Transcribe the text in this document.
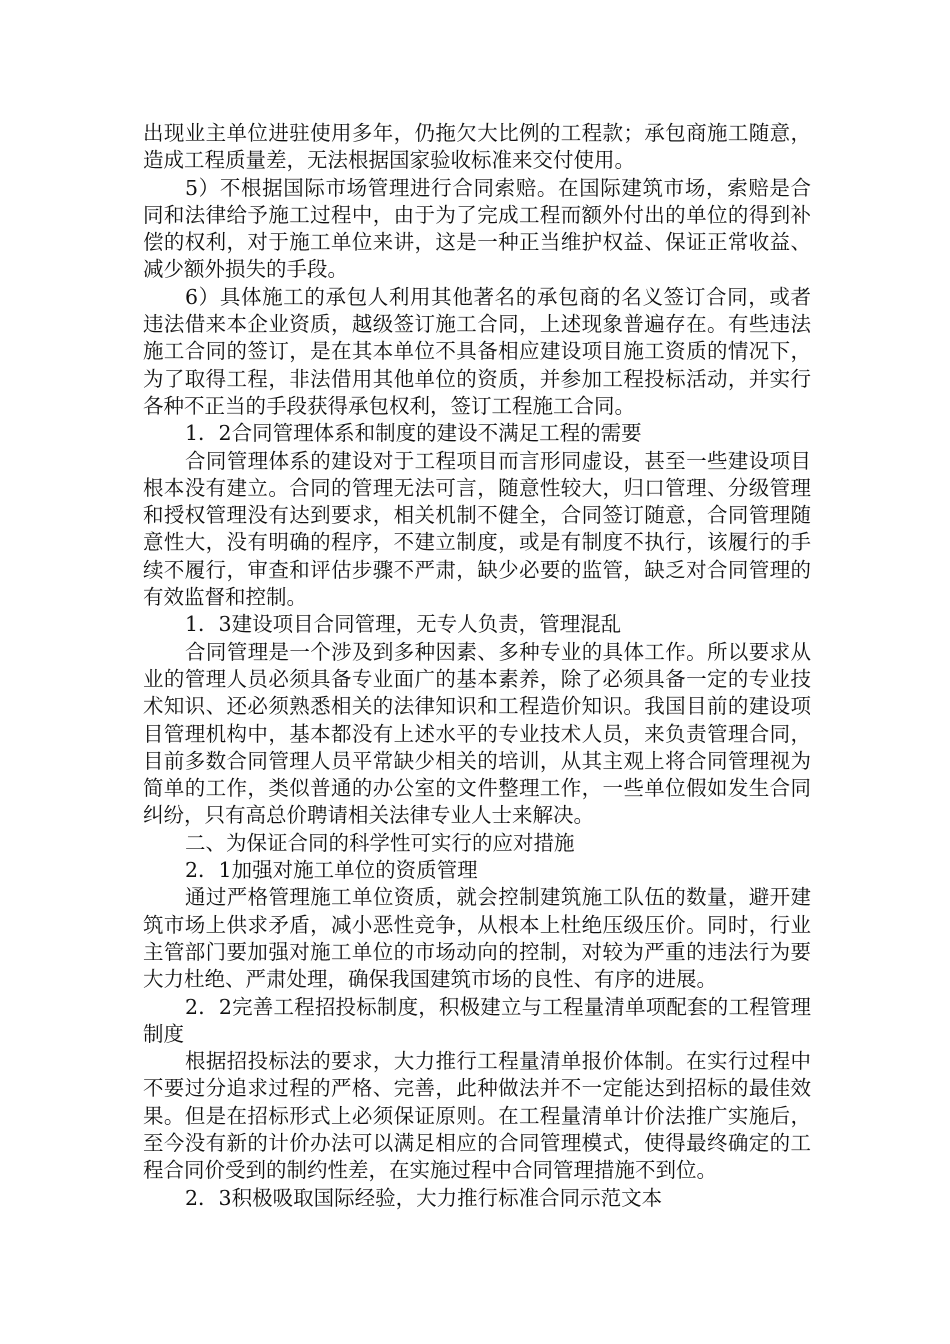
出现业主单位进驻使用多年，仍拖欠大比例的工程款；承包商施工随意，造成工程质量差，无法根据国家验收标准来交付使用。

5）不根据国际市场管理进行合同索赔。在国际建筑市场，索赔是合同和法律给予施工过程中，由于为了完成工程而额外付出的单位的得到补偿的权利，对于施工单位来讲，这是一种正当维护权益、保证正常收益、减少额外损失的手段。

6）具体施工的承包人利用其他著名的承包商的名义签订合同，或者违法借来本企业资质，越级签订施工合同，上述现象普遍存在。有些违法施工合同的签订，是在其本单位不具备相应建设项目施工资质的情况下，为了取得工程，非法借用其他单位的资质，并参加工程投标活动，并实行各种不正当的手段获得承包权利，签订工程施工合同。

1．2合同管理体系和制度的建设不满足工程的需要

合同管理体系的建设对于工程项目而言形同虚设，甚至一些建设项目根本没有建立。合同的管理无法可言，随意性较大，归口管理、分级管理和授权管理没有达到要求，相关机制不健全，合同签订随意，合同管理随意性大，没有明确的程序，不建立制度，或是有制度不执行，该履行的手续不履行，审查和评估步骤不严肃，缺少必要的监管，缺乏对合同管理的有效监督和控制。

1．3建设项目合同管理，无专人负责，管理混乱

合同管理是一个涉及到多种因素、多种专业的具体工作。所以要求从业的管理人员必须具备专业面广的基本素养，除了必须具备一定的专业技术知识、还必须熟悉相关的法律知识和工程造价知识。我国目前的建设项目管理机构中，基本都没有上述水平的专业技术人员，来负责管理合同，目前多数合同管理人员平常缺少相关的培训，从其主观上将合同管理视为简单的工作，类似普通的办公室的文件整理工作，一些单位假如发生合同纠纷，只有高总价聘请相关法律专业人士来解决。

二、为保证合同的科学性可实行的应对措施

2．1加强对施工单位的资质管理

通过严格管理施工单位资质，就会控制建筑施工队伍的数量，避开建筑市场上供求矛盾，减小恶性竞争，从根本上杜绝压级压价。同时，行业主管部门要加强对施工单位的市场动向的控制，对较为严重的违法行为要大力杜绝、严肃处理，确保我国建筑市场的良性、有序的进展。

2．2完善工程招投标制度，积极建立与工程量清单项配套的工程管理制度

根据招投标法的要求，大力推行工程量清单报价体制。在实行过程中不要过分追求过程的严格、完善，此种做法并不一定能达到招标的最佳效果。但是在招标形式上必须保证原则。在工程量清单计价法推广实施后，至今没有新的计价办法可以满足相应的合同管理模式，使得最终确定的工程合同价受到的制约性差，在实施过程中合同管理措施不到位。

2．3积极吸取国际经验，大力推行标准合同示范文本
